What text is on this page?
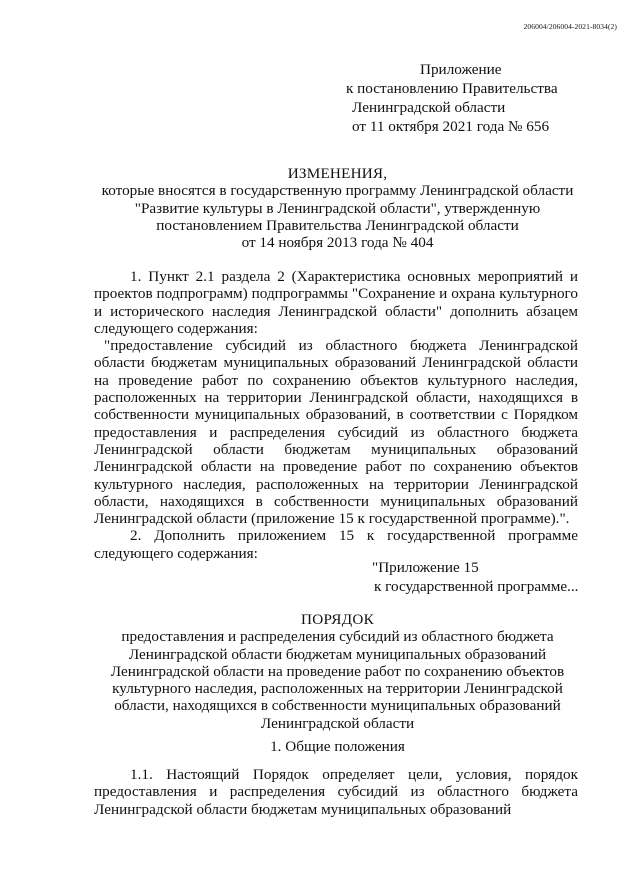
206004/206004-2021-8034(2)
Приложение
к постановлению Правительства
Ленинградской области
от 11 октября 2021 года № 656
ИЗМЕНЕНИЯ,
которые вносятся в государственную программу Ленинградской области
"Развитие культуры в Ленинградской области", утвержденную
постановлением Правительства Ленинградской области
от 14 ноября 2013 года № 404

1. Пункт 2.1 раздела 2 (Характеристика основных мероприятий и проектов подпрограмм) подпрограммы "Сохранение и охрана культурного и исторического наследия Ленинградской области" дополнить абзацем следующего содержания:

"предоставление субсидий из областного бюджета Ленинградской области бюджетам муниципальных образований Ленинградской области на проведение работ по сохранению объектов культурного наследия, расположенных на территории Ленинградской области, находящихся в собственности муниципальных образований, в соответствии с Порядком предоставления и распределения субсидий из областного бюджета Ленинградской области бюджетам муниципальных образований Ленинградской области на проведение работ по сохранению объектов культурного наследия, расположенных на территории Ленинградской области, находящихся в собственности муниципальных образований Ленинградской области (приложение 15 к государственной программе).".

2. Дополнить приложением 15 к государственной программе следующего содержания:

"Приложение 15
к государственной программе...
ПОРЯДОК
предоставления и распределения субсидий из областного бюджета
Ленинградской области бюджетам муниципальных образований
Ленинградской области на проведение работ по сохранению объектов
культурного наследия, расположенных на территории Ленинградской
области, находящихся в собственности муниципальных образований
Ленинградской области
1. Общие положения

1.1. Настоящий Порядок определяет цели, условия, порядок предоставления и распределения субсидий из областного бюджета Ленинградской области бюджетам муниципальных образований
